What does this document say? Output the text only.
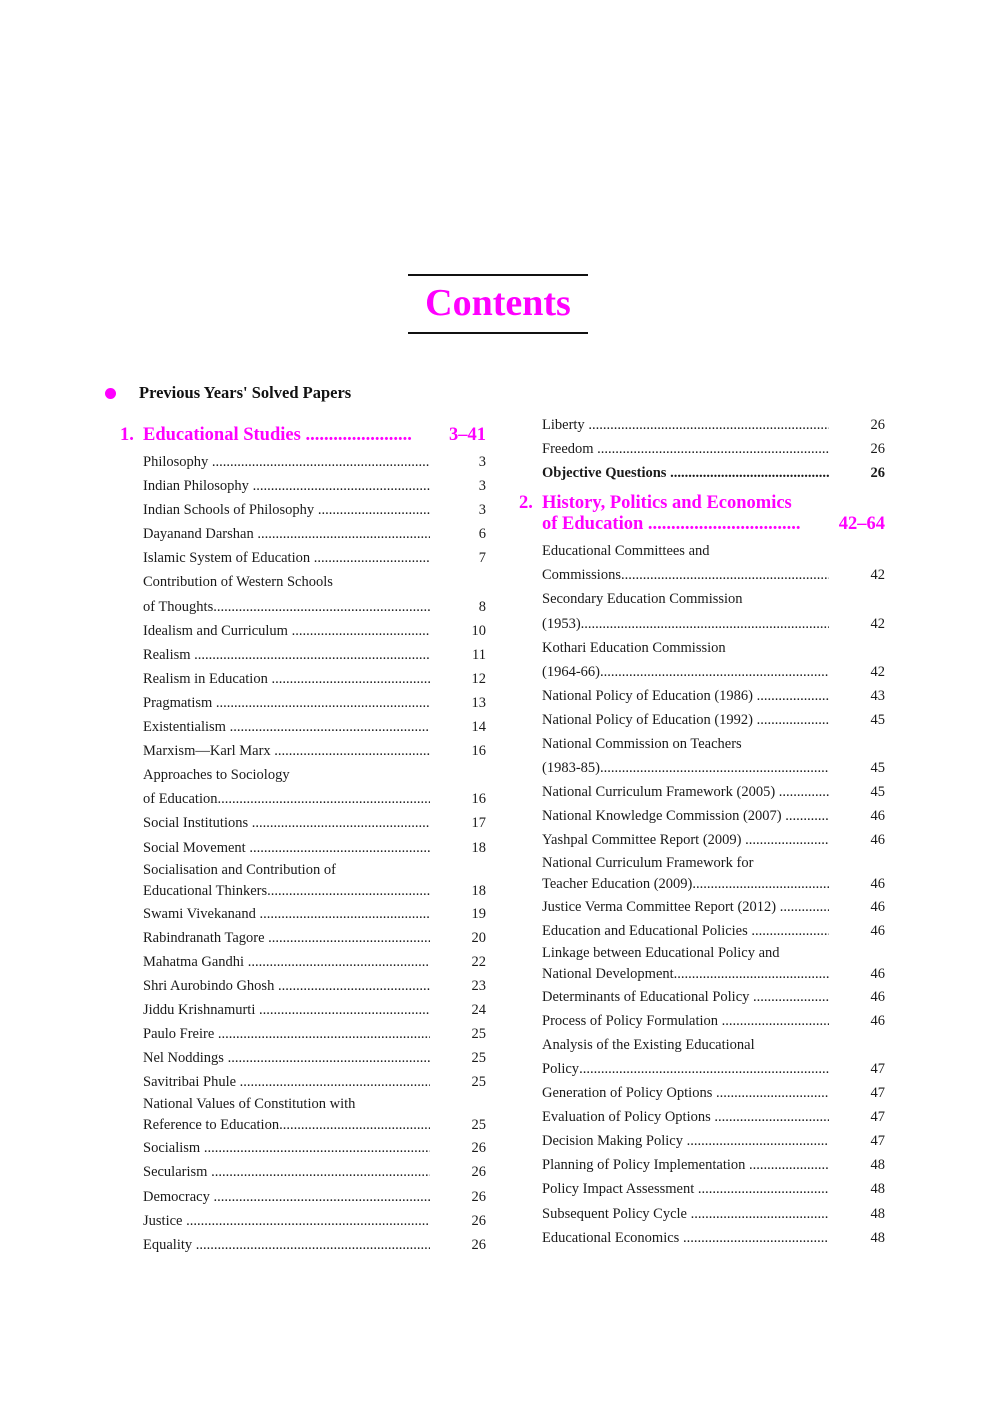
Contents
Previous Years' Solved Papers
1. Educational Studies .......................	3–41
Philosophy .....	3
Indian Philosophy .....	3
Indian Schools of Philosophy .....	3
Dayanand Darshan .....	6
Islamic System of Education .....	7
Contribution of Western Schools
of Thoughts .....	8
Idealism and Curriculum .....	10
Realism .....	11
Realism in Education .....	12
Pragmatism .....	13
Existentialism .....	14
Marxism—Karl Marx .....	16
Approaches to Sociology
of Education .....	16
Social Institutions .....	17
Social Movement .....	18
Socialisation and Contribution of
Educational Thinkers .....	18
Swami Vivekanand .....	19
Rabindranath Tagore .....	20
Mahatma Gandhi .....	22
Shri Aurobindo Ghosh .....	23
Jiddu Krishnamurti .....	24
Paulo Freire .....	25
Nel Noddings .....	25
Savitribai Phule .....	25
National Values of Constitution with
Reference to Education .....	25
Socialism .....	26
Secularism .....	26
Democracy .....	26
Justice .....	26
Equality .....	26
Liberty .....	26
Freedom .....	26
Objective Questions .....	26
2. History, Politics and Economics
of Education ................................. 42–64
Educational Committees and
Commissions .....	42
Secondary Education Commission
(1953) .....	42
Kothari Education Commission
(1964-66) .....	42
National Policy of Education (1986) .....	43
National Policy of Education (1992) .....	45
National Commission on Teachers
(1983-85) .....	45
National Curriculum Framework (2005) .....	45
National Knowledge Commission (2007) .....	46
Yashpal Committee Report (2009) .....	46
National Curriculum Framework for
Teacher Education (2009) .....	46
Justice Verma Committee Report (2012) .....	46
Education and Educational Policies .....	46
Linkage between Educational Policy and
National Development .....	46
Determinants of Educational Policy .....	46
Process of Policy Formulation .....	46
Analysis of the Existing Educational
Policy .....	47
Generation of Policy Options .....	47
Evaluation of Policy Options .....	47
Decision Making Policy .....	47
Planning of Policy Implementation .....	48
Policy Impact Assessment .....	48
Subsequent Policy Cycle .....	48
Educational Economics .....	48
